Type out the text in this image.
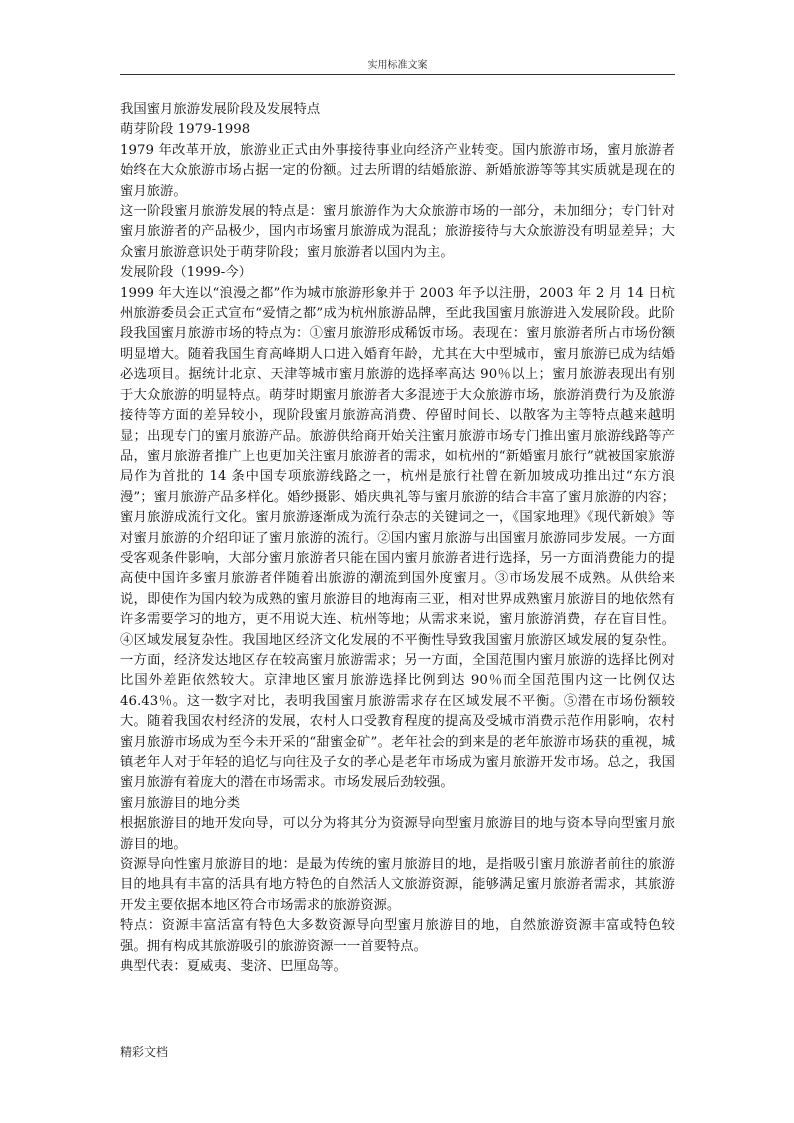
实用标准文案

我国蜜月旅游发展阶段及发展特点

萌芽阶段 1979-1998

1979 年改革开放，旅游业正式由外事接待事业向经济产业转变。国内旅游市场，蜜月旅游者始终在大众旅游市场占据一定的份额。过去所谓的结婚旅游、新婚旅游等等其实质就是现在的蜜月旅游。

这一阶段蜜月旅游发展的特点是：蜜月旅游作为大众旅游市场的一部分，未加细分；专门针对蜜月旅游者的产品极少，国内市场蜜月旅游成为混乱；旅游接待与大众旅游没有明显差异；大众蜜月旅游意识处于萌芽阶段；蜜月旅游者以国内为主。

发展阶段（1999-今）

1999 年大连以“浪漫之都”作为城市旅游形象并于 2003 年予以注册，2003 年 2 月 14 日杭州旅游委员会正式宣布“爱情之都”成为杭州旅游品牌，至此我国蜜月旅游进入发展阶段。此阶段我国蜜月旅游市场的特点为：①蜜月旅游形成稀饭市场。表现在：蜜月旅游者所占市场份额明显增大。随着我国生育高峰期人口进入婚育年龄，尤其在大中型城市，蜜月旅游已成为结婚必选项目。据统计北京、天津等城市蜜月旅游的选择率高达 90％以上；蜜月旅游表现出有别于大众旅游的明显特点。萌芽时期蜜月旅游者大多混迹于大众旅游市场，旅游消费行为及旅游接待等方面的差异较小，现阶段蜜月旅游高消费、停留时间长、以散客为主等特点越来越明显；出现专门的蜜月旅游产品。旅游供给商开始关注蜜月旅游市场专门推出蜜月旅游线路等产品，蜜月旅游者推广上也更加关注蜜月旅游者的需求，如杭州的“新婚蜜月旅行”就被国家旅游局作为首批的 14 条中国专项旅游线路之一，杭州是旅行社曾在新加坡成功推出过“东方浪漫”；蜜月旅游产品多样化。婚纱摄影、婚庆典礼等与蜜月旅游的结合丰富了蜜月旅游的内容；蜜月旅游成流行文化。蜜月旅游逐渐成为流行杂志的关键词之一，《国家地理》《现代新娘》等对蜜月旅游的介绍印证了蜜月旅游的流行。②国内蜜月旅游与出国蜜月旅游同步发展。一方面受客观条件影响，大部分蜜月旅游者只能在国内蜜月旅游者进行选择，另一方面消费能力的提高使中国许多蜜月旅游者伴随着出旅游的潮流到国外度蜜月。③市场发展不成熟。从供给来说，即使作为国内较为成熟的蜜月旅游目的地海南三亚，相对世界成熟蜜月旅游目的地依然有许多需要学习的地方，更不用说大连、杭州等地；从需求来说，蜜月旅游消费，存在盲目性。④区域发展复杂性。我国地区经济文化发展的不平衡性导致我国蜜月旅游区域发展的复杂性。一方面，经济发达地区存在较高蜜月旅游需求；另一方面，全国范围内蜜月旅游的选择比例对比国外差距依然较大。京津地区蜜月旅游选择比例到达 90％而全国范围内这一比例仅达 46.43％。这一数字对比，表明我国蜜月旅游需求存在区域发展不平衡。⑤潜在市场份额较大。随着我国农村经济的发展，农村人口受教育程度的提高及受城市消费示范作用影响，农村蜜月旅游市场成为至今未开采的“甜蜜金矿”。老年社会的到来是的老年旅游市场获的重视，城镇老年人对于年轻的追忆与向往及子女的孝心是老年市场成为蜜月旅游开发市场。总之，我国蜜月旅游有着庞大的潜在市场需求。市场发展后劲较强。

蜜月旅游目的地分类

根据旅游目的地开发向导，可以分为将其分为资源导向型蜜月旅游目的地与资本导向型蜜月旅游目的地。

资源导向性蜜月旅游目的地：是最为传统的蜜月旅游目的地，是指吸引蜜月旅游者前往的旅游目的地具有丰富的活具有地方特色的自然活人文旅游资源，能够满足蜜月旅游者需求，其旅游开发主要依据本地区符合市场需求的旅游资源。

特点：资源丰富活富有特色大多数资源导向型蜜月旅游目的地，自然旅游资源丰富或特色较强。拥有构成其旅游吸引的旅游资源一一首要特点。

典型代表：夏威夷、斐济、巴厘岛等。

精彩文档
